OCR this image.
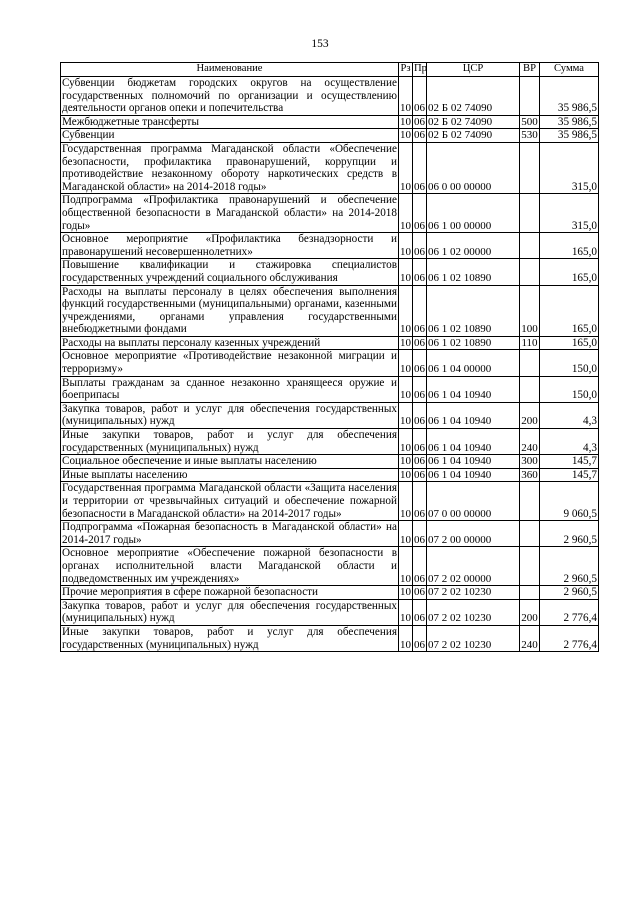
153
Наименование	Рз	Пр	ЦСР	ВР	Сумма
Субвенции бюджетам городских округов на осуществление государственных полномочий по организации и осуществлению деятельности органов опеки и попечительства	10	06	02 Б 02 74090		35 986,5
Межбюджетные трансферты	10	06	02 Б 02 74090	500	35 986,5
Субвенции	10	06	02 Б 02 74090	530	35 986,5
Государственная программа Магаданской области «Обеспечение безопасности, профилактика правонарушений, коррупции и противодействие незаконному обороту наркотических средств в Магаданской области» на 2014-2018 годы»	10	06	06 0 00 00000		315,0
Подпрограмма «Профилактика правонарушений и обеспечение общественной безопасности в Магаданской области» на 2014-2018 годы»	10	06	06 1 00 00000		315,0
Основное мероприятие «Профилактика безнадзорности и правонарушений несовершеннолетних»	10	06	06 1 02 00000		165,0
Повышение квалификации и стажировка специалистов государственных учреждений социального обслуживания	10	06	06 1 02 10890		165,0
Расходы на выплаты персоналу в целях обеспечения выполнения функций государственными (муниципальными) органами, казенными учреждениями, органами управления государственными внебюджетными фондами	10	06	06 1 02 10890	100	165,0
Расходы на выплаты персоналу казенных учреждений	10	06	06 1 02 10890	110	165,0
Основное мероприятие «Противодействие незаконной миграции и терроризму»	10	06	06 1 04 00000		150,0
Выплаты гражданам за сданное незаконно хранящееся оружие и боеприпасы	10	06	06 1 04 10940		150,0
Закупка товаров, работ и услуг для обеспечения государственных (муниципальных) нужд	10	06	06 1 04 10940	200	4,3
Иные закупки товаров, работ и услуг для обеспечения государственных (муниципальных) нужд	10	06	06 1 04 10940	240	4,3
Социальное обеспечение и иные выплаты населению	10	06	06 1 04 10940	300	145,7
Иные выплаты населению	10	06	06 1 04 10940	360	145,7
Государственная программа Магаданской области «Защита населения и территории от чрезвычайных ситуаций и обеспечение пожарной безопасности в Магаданской области» на 2014-2017 годы»	10	06	07 0 00 00000		9 060,5
Подпрограмма «Пожарная безопасность в Магаданской области» на 2014-2017 годы»	10	06	07 2 00 00000		2 960,5
Основное мероприятие «Обеспечение пожарной безопасности в органах исполнительной власти Магаданской области и подведомственных им учреждениях»	10	06	07 2 02 00000		2 960,5
Прочие мероприятия в сфере пожарной безопасности	10	06	07 2 02 10230		2 960,5
Закупка товаров, работ и услуг для обеспечения государственных (муниципальных) нужд	10	06	07 2 02 10230	200	2 776,4
Иные закупки товаров, работ и услуг для обеспечения государственных (муниципальных) нужд	10	06	07 2 02 10230	240	2 776,4
